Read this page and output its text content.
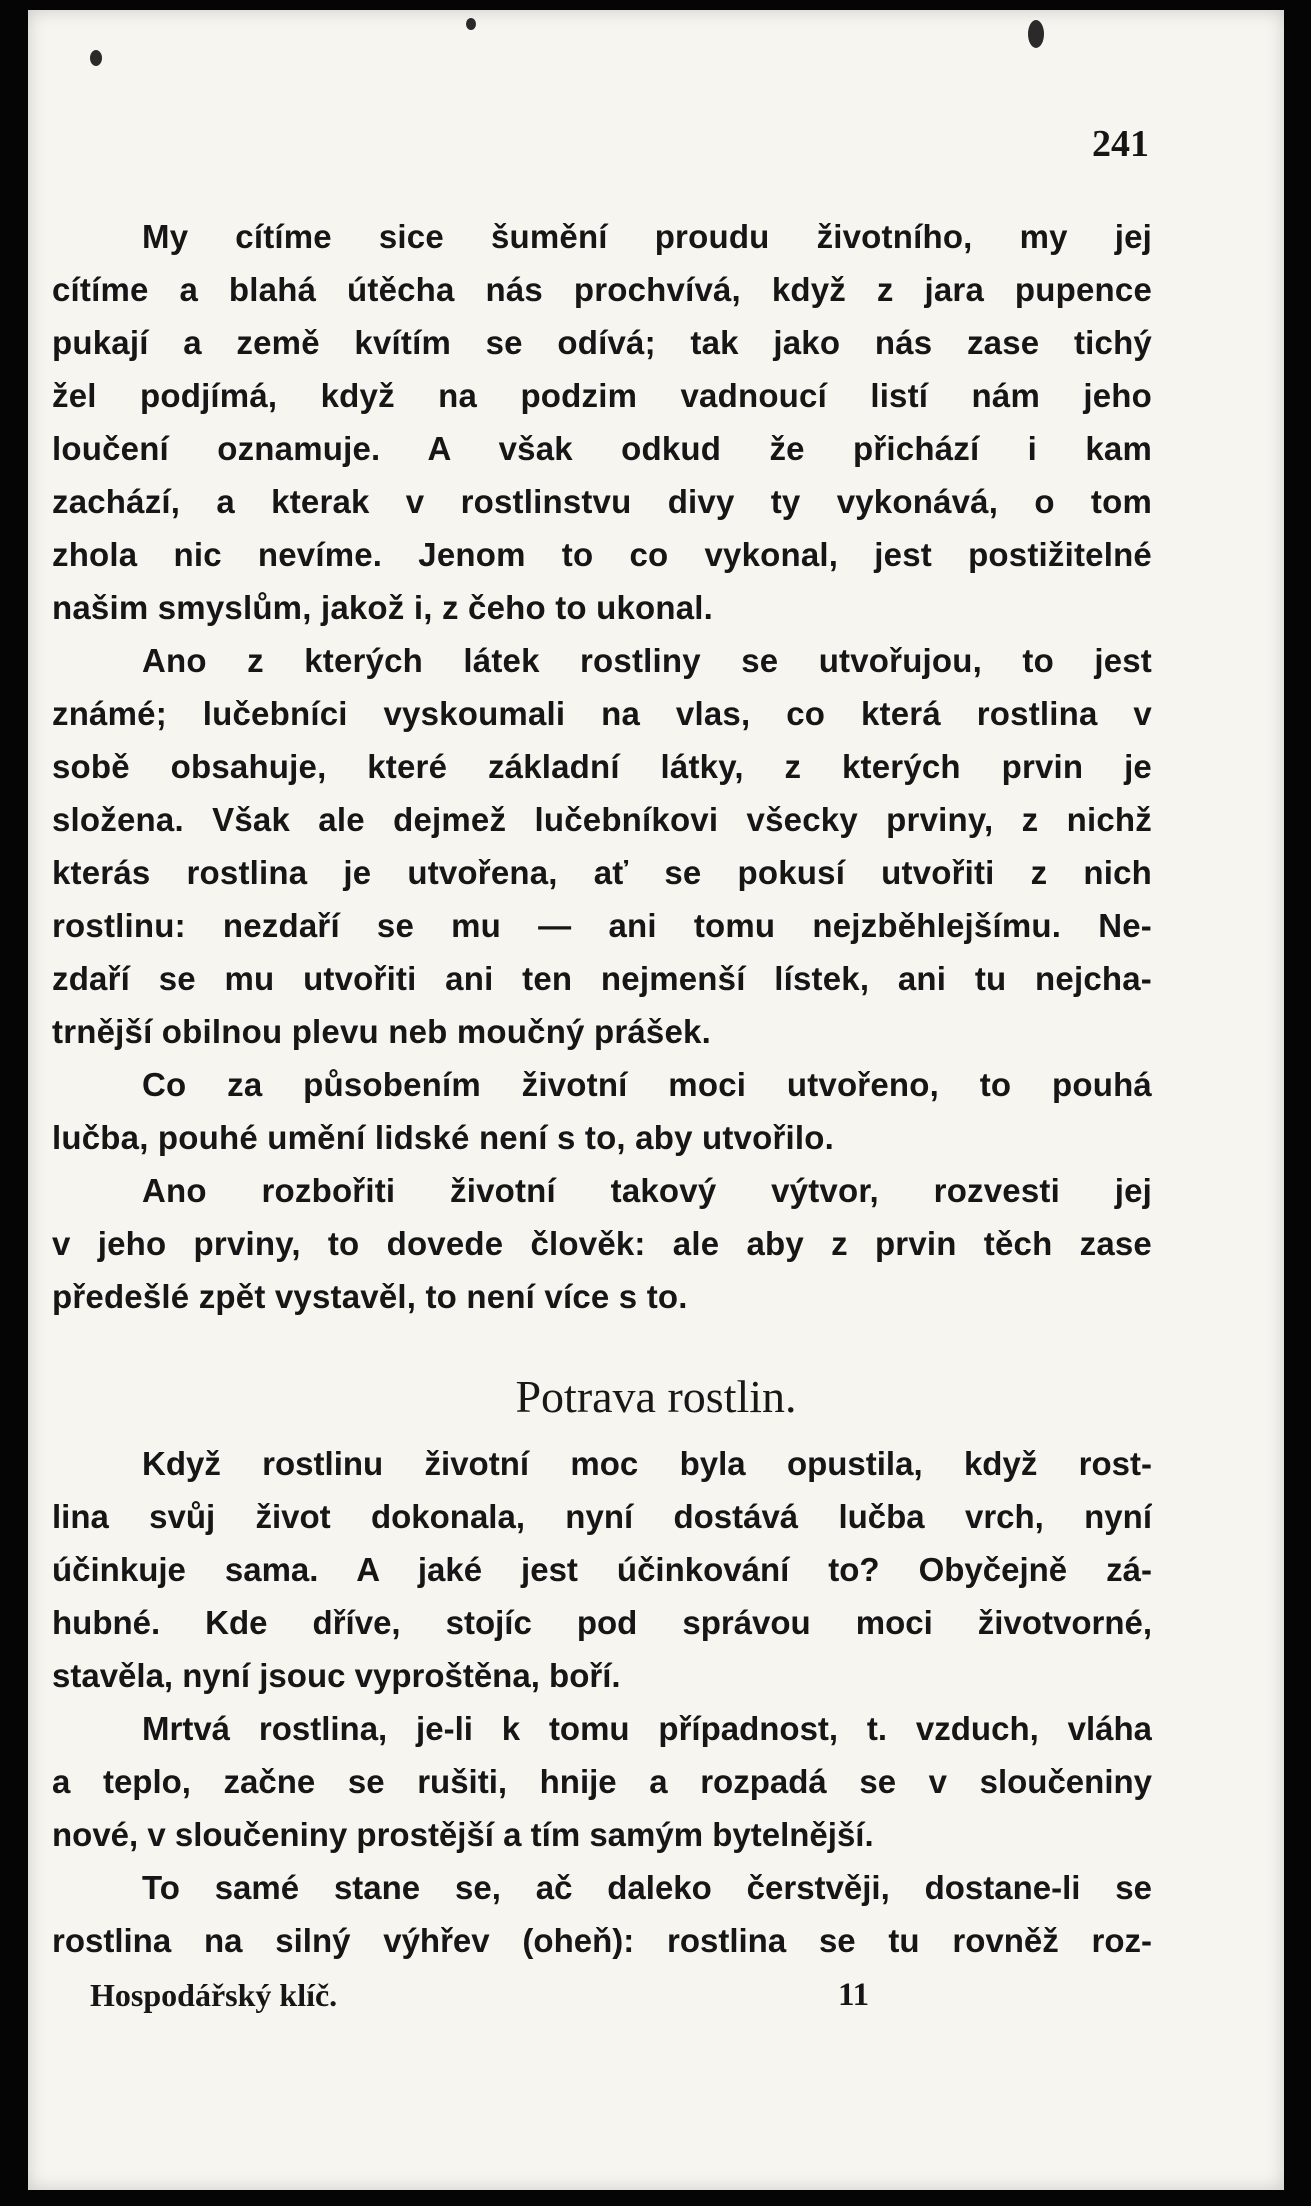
241
My cítíme sice šumění proudu životního, my jej
cítíme a blahá útěcha nás prochvívá, když z jara pupence
pukají a země kvítím se odívá; tak jako nás zase tichý
žel podjímá, když na podzim vadnoucí listí nám jeho
loučení oznamuje. A však odkud že přichází i kam
zachází, a kterak v rostlinstvu divy ty vykonává, o tom
zhola nic nevíme. Jenom to co vykonal, jest postižitelné
našim smyslům, jakož i, z čeho to ukonal.
Ano z kterých látek rostliny se utvořujou, to jest
známé; lučebníci vyskoumali na vlas, co která rostlina v
sobě obsahuje, které základní látky, z kterých prvin je
složena. Však ale dejmež lučebníkovi všecky prviny, z nichž
kterás rostlina je utvořena, ať se pokusí utvořiti z nich
rostlinu: nezdaří se mu — ani tomu nejzběhlejšímu. Ne-
zdaří se mu utvořiti ani ten nejmenší lístek, ani tu nejcha-
trnější obilnou plevu neb moučný prášek.
Co za působením životní moci utvořeno, to pouhá
lučba, pouhé umění lidské není s to, aby utvořilo.
Ano rozbořiti životní takový výtvor, rozvesti jej
v jeho prviny, to dovede člověk: ale aby z prvin těch zase
předešlé zpět vystavěl, to není více s to.
Potrava rostlin.
Když rostlinu životní moc byla opustila, když rost-
lina svůj život dokonala, nyní dostává lučba vrch, nyní
účinkuje sama. A jaké jest účinkování to? Obyčejně zá-
hubné. Kde dříve, stojíc pod správou moci životvorné,
stavěla, nyní jsouc vyproštěna, boří.
Mrtvá rostlina, je-li k tomu případnost, t. vzduch, vláha
a teplo, začne se rušiti, hnije a rozpadá se v sloučeniny
nové, v sloučeniny prostější a tím samým bytelnější.
To samé stane se, ač daleko čerstvěji, dostane-li se
rostlina na silný výhřev (oheň): rostlina se tu rovněž roz-
Hospodářský klíč.	11
